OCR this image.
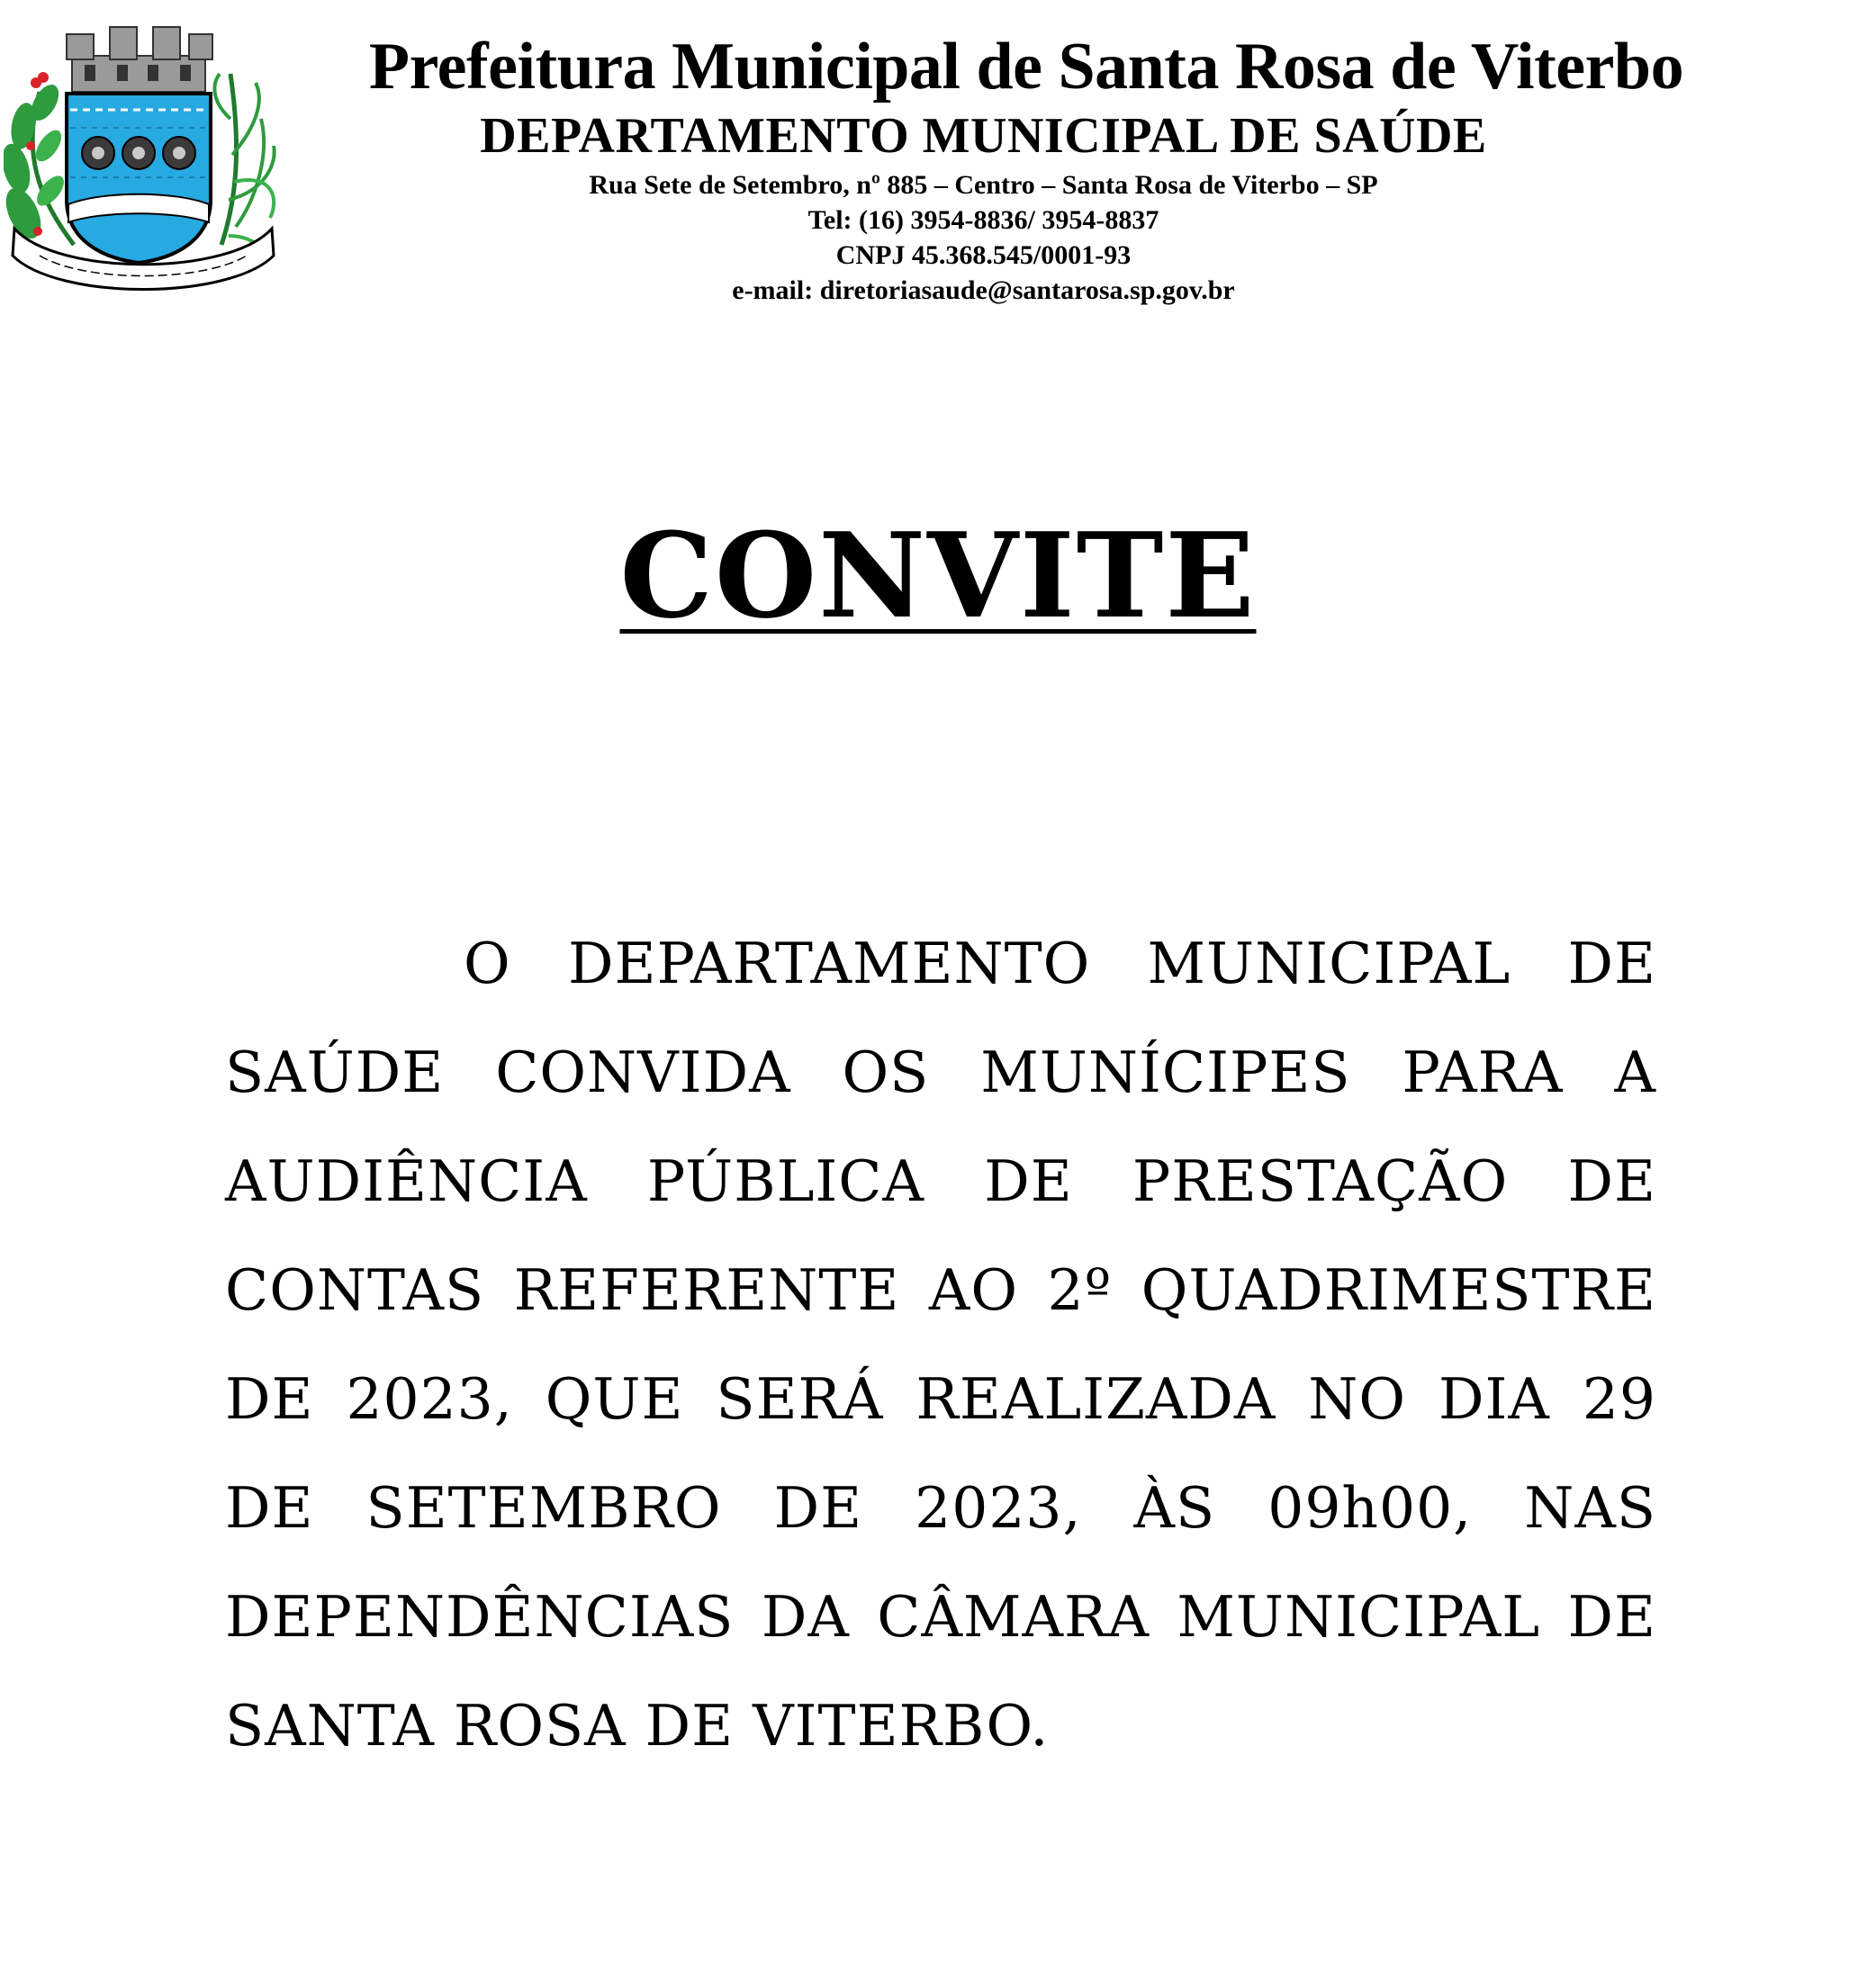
Prefeitura Municipal de Santa Rosa de Viterbo

DEPARTAMENTO MUNICIPAL DE SAÚDE

Rua Sete de Setembro, nº 885 – Centro – Santa Rosa de Viterbo – SP

Tel: (16) 3954-8836/ 3954-8837

CNPJ 45.368.545/0001-93

e-mail: diretoriasaude@santarosa.sp.gov.br

CONVITE

O DEPARTAMENTO MUNICIPAL DE SAÚDE CONVIDA OS MUNÍCIPES PARA A AUDIÊNCIA PÚBLICA DE PRESTAÇÃO DE CONTAS REFERENTE AO 2º QUADRIMESTRE DE 2023, QUE SERÁ REALIZADA NO DIA 29 DE SETEMBRO DE 2023, ÀS 09h00, NAS DEPENDÊNCIAS DA CÂMARA MUNICIPAL DE SANTA ROSA DE VITERBO.
